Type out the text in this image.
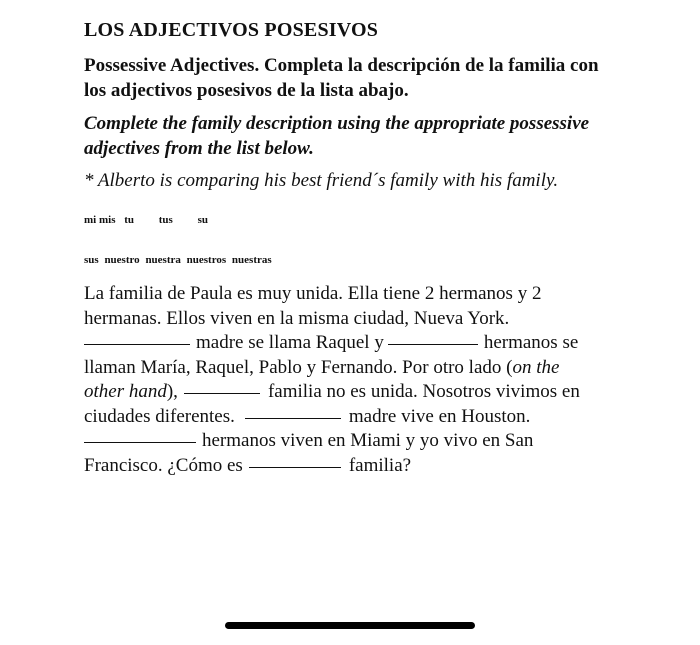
LOS ADJECTIVOS POSESIVOS
Possessive Adjectives. Completa la descripción de la familia con los adjectivos posesivos de la lista abajo.
Complete the family description using the appropriate possessive adjectives from the list below.
* Alberto is comparing his best friend´s family with his family.
mi mis tu tus su
sus nuestro nuestra nuestros nuestras
La familia de Paula es muy unida. Ella tiene 2 hermanos y 2
hermanas. Ellos viven en la misma ciudad, Nueva York.
madre se llama Raquel y	hermanos se
llaman María, Raquel, Pablo y Fernando. Por otro lado (on the
other hand),	familia no es unida. Nosotros vivimos en
ciudades diferentes.	madre vive en Houston.
hermanos viven en Miami y yo vivo en San
Francisco. ¿Cómo es	familia?
